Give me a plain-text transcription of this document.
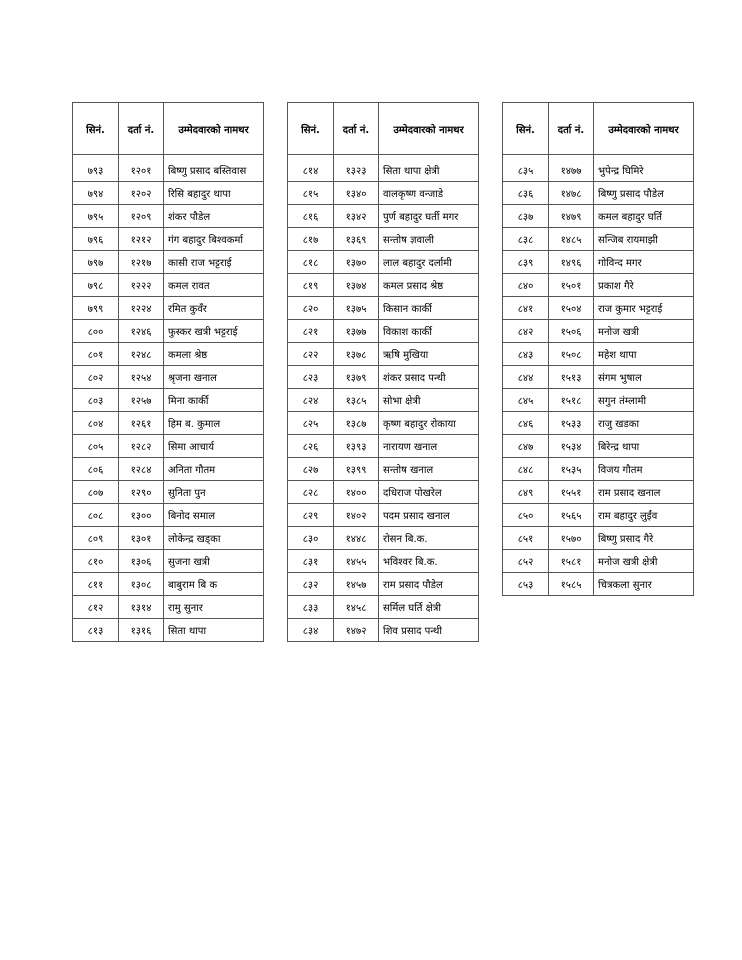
सिनं.	दर्ता नं.	उम्मेदवारको नामथर
७९३	१२०१	बिष्णु प्रसाद बस्तिवास
७९४	१२०२	रिसि बहादुर थापा
७९५	१२०९	शंकर पौडेल
७९६	१२१२	गंग बहादुर बिश्वकर्मा
७९७	१२१७	कासी राज भट्टराई
७९८	१२२२	कमल रावत
७९९	१२२४	रमित कुवँर
८००	१२४६	फुस्कर खत्री भट्टराई
८०१	१२४८	कमला श्रेष्ठ
८०२	१२५४	श्रृजना खनाल
८०३	१२५७	मिना कार्की
८०४	१२६१	हिम ब. कुमाल
८०५	१२८२	सिमा आचार्य
८०६	१२८४	अनिता गौतम
८०७	१२९०	सुनिता पुन
८०८	१३००	बिनोद समाल
८०९	१३०१	लोकेन्द्र खड्का
८१०	१३०६	सुजना खत्री
८११	१३०८	बाबुराम बि क
८१२	१३१४	रामु सुनार
८१३	१३१६	सिता थापा
सिनं.	दर्ता नं.	उम्मेदवारको नामथर
८१४	१३२३	सिता थापा क्षेत्री
८१५	१३४०	वालकृष्ण वन्जाडे
८१६	१३४२	पुर्ण बहादुर घर्ती मगर
८१७	१३६९	सन्तोष ज्ञवाली
८१८	१३७०	लाल बहादुर दर्लामी
८१९	१३७४	कमल प्रसाद श्रेष्ठ
८२०	१३७५	किसान कार्की
८२१	१३७७	विकाश कार्की
८२२	१३७८	ऋषि मुखिया
८२३	१३७९	शंकर प्रसाद पन्थी
८२४	१३८५	सोभा क्षेत्री
८२५	१३८७	कृष्ण बहादुर रोकाया
८२६	१३९३	नारायण खनाल
८२७	१३९९	सन्तोष खनाल
८२८	१४००	दधिराज पोखरेल
८२९	१४०२	पदम प्रसाद खनाल
८३०	१४४८	रोसन बि.क.
८३१	१४५५	भविश्वर बि.क.
८३२	१४५७	राम प्रसाद पौडेल
८३३	१४५८	सर्मिल घर्ति क्षेत्री
८३४	१४७२	शिव प्रसाद पन्थी
सिनं.	दर्ता नं.	उम्मेदवारको नामथर
८३५	१४७७	भुपेन्द्र घिमिरे
८३६	१४७८	बिष्णु प्रसाद पौडेल
८३७	१४७९	कमल बहादुर घर्ति
८३८	१४८५	सन्जिब रायमाझी
८३९	१४९६	गोविन्द मगर
८४०	१५०१	प्रकाश गैरे
८४१	१५०४	राज कुमार भट्टराई
८४२	१५०६	मनोज खत्री
८४३	१५०८	महेश थापा
८४४	१५१३	संगम भुषाल
८४५	१५१८	सगुन तंम्लामी
८४६	१५३३	राजु खडका
८४७	१५३४	बिरेन्द्र थापा
८४८	१५३५	विजय गौतम
८४९	१५५१	राम प्रसाद खनाल
८५०	१५६५	राम बहादुर लुईंव
८५१	१५७०	बिष्णु प्रसाद गैरे
८५२	१५८१	मनोज खत्री क्षेत्री
८५३	१५८५	चित्रकला सुनार
